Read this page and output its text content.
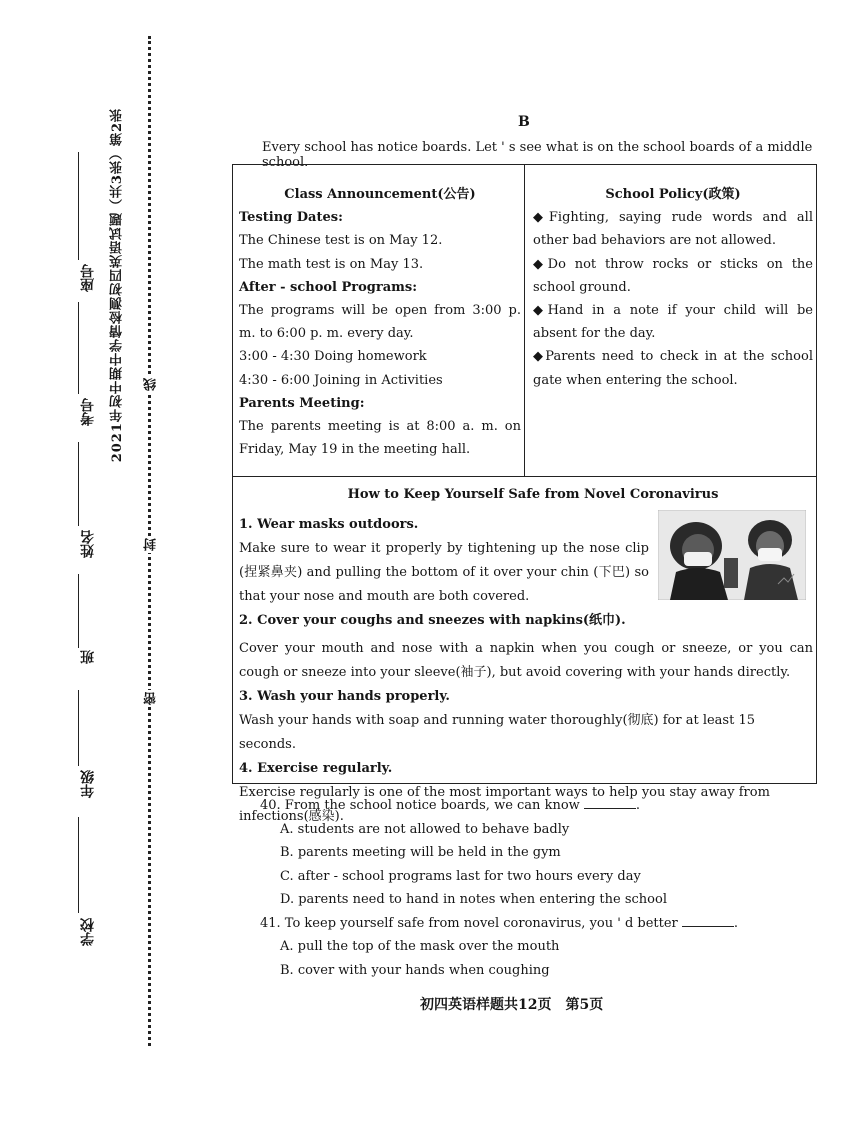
2021年初中期中学情检测初四英语试题（共3张）第2张
座号
考号
姓名
班
年级
学校
线
封
密
B
Every school has notice boards. Let ' s see what is on the school boards of a middle school.
Class Announcement(公告)
Testing Dates:
The Chinese test is on May 12.
The math test is on May 13.
After - school Programs:
The programs will be open from 3:00 p. m. to 6:00 p. m. every day.
3:00 - 4:30 Doing homework
4:30 - 6:00 Joining in Activities
Parents Meeting:
The parents meeting is at 8:00 a. m. on Friday, May 19 in the meeting hall.
School Policy(政策)
◆Fighting, saying rude words and all other bad behaviors are not allowed.
◆Do not throw rocks or sticks on the school ground.
◆Hand in a note if your child will be absent for the day.
◆Parents need to check in at the school gate when entering the school.
How to Keep Yourself Safe from Novel Coronavirus
1. Wear masks outdoors.
Make sure to wear it properly by tightening up the nose clip (捏紧鼻夹) and pulling the bottom of it over your chin (下巴) so that your nose and mouth are both covered.
2. Cover your coughs and sneezes with napkins(纸巾).
Cover your mouth and nose with a napkin when you cough or sneeze, or you can cough or sneeze into your sleeve(袖子), but avoid covering with your hands directly.
3. Wash your hands properly.
Wash your hands with soap and running water thoroughly(彻底) for at least 15 seconds.
4. Exercise regularly.
Exercise regularly is one of the most important ways to help you stay away from infections(感染).
40. From the school notice boards, we can know	.
A. students are not allowed to behave badly
B. parents meeting will be held in the gym
C. after - school programs last for two hours every day
D. parents need to hand in notes when entering the school
41. To keep yourself safe from novel coronavirus, you ' d better	.
A. pull the top of the mask over the mouth
B. cover with your hands when coughing
初四英语样题共12页　第5页
